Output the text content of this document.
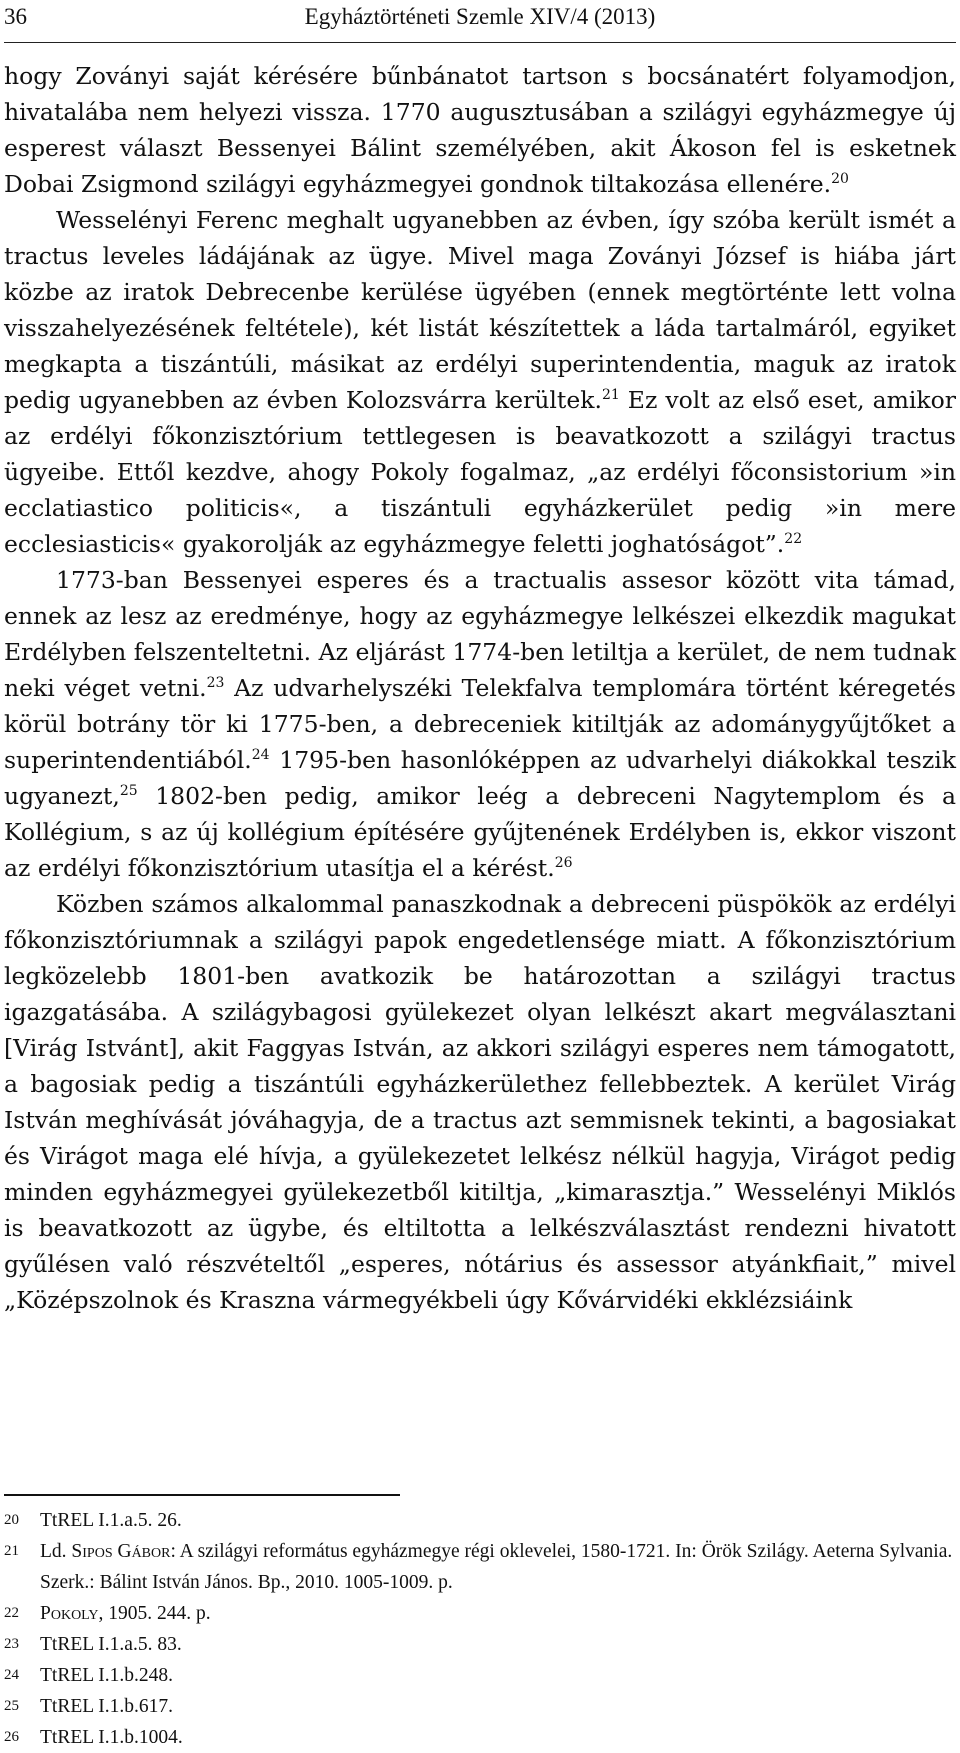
36	Egyháztörténeti Szemle XIV/4 (2013)

hogy Zoványi saját kérésére bűnbánatot tartson s bocsánatért folyamodjon, hivatalába nem helyezi vissza. 1770 augusztusában a szilágyi egyházmegye új esperest választ Bessenyei Bálint személyében, akit Ákoson fel is esketnek Dobai Zsigmond szilágyi egyházmegyei gondnok tiltakozása ellenére.$^{20}$

Wesselényi Ferenc meghalt ugyanebben az évben, így szóba került ismét a tractus leveles ládájának az ügye. Mivel maga Zoványi József is hiába járt közbe az iratok Debrecenbe kerülése ügyében (ennek megtörténte lett volna visszahelyezésének feltétele), két listát készítettek a láda tartalmáról, egyiket megkapta a tiszántúli, másikat az erdélyi superintendentia, maguk az iratok pedig ugyanebben az évben Kolozsvárra kerültek.$^{21}$ Ez volt az első eset, amikor az erdélyi főkonzisztórium tettlegesen is beavatkozott a szilágyi tractus ügyeibe. Ettől kezdve, ahogy Pokoly fogalmaz, „az erdélyi főconsistorium »in ecclatiastico politicis«, a tiszántuli egyházkerület pedig »in mere ecclesiasticis« gyakorolják az egyházmegye feletti joghatóságot”.$^{22}$

1773-ban Bessenyei esperes és a tractualis assesor között vita támad, ennek az lesz az eredménye, hogy az egyházmegye lelkészei elkezdik magukat Erdélyben felszenteltetni. Az eljárást 1774-ben letiltja a kerület, de nem tudnak neki véget vetni.$^{23}$ Az udvarhelyszéki Telekfalva templomára történt kéregetés körül botrány tör ki 1775-ben, a debreceniek kitiltják az adománygyűjtőket a superintendentiából.$^{24}$ 1795-ben hasonlóképpen az udvarhelyi diákokkal teszik ugyanezt,$^{25}$ 1802-ben pedig, amikor leég a debreceni Nagytemplom és a Kollégium, s az új kollégium építésére gyűjtenének Erdélyben is, ekkor viszont az erdélyi főkonzisztórium utasítja el a kérést.$^{26}$

Közben számos alkalommal panaszkodnak a debreceni püspökök az erdélyi főkonzisztóriumnak a szilágyi papok engedetlensége miatt. A főkonzisztórium legközelebb 1801-ben avatkozik be határozottan a szilágyi tractus igazgatásába. A szilágybagosi gyülekezet olyan lelkészt akart megválasztani [Virág Istvánt], akit Faggyas István, az akkori szilágyi esperes nem támogatott, a bagosiak pedig a tiszántúli egyházkerülethez fellebbeztek. A kerület Virág István meghívását jóváhagyja, de a tractus azt semmisnek tekinti, a bagosiakat és Virágot maga elé hívja, a gyülekezetet lelkész nélkül hagyja, Virágot pedig minden egyházmegyei gyülekezetből kitiltja, „kimarasztja.” Wesselényi Miklós is beavatkozott az ügybe, és eltiltotta a lelkészválasztást rendezni hivatott gyűlésen való részvételtől „esperes, nótárius és assessor atyánkfiait,” mivel „Középszolnok és Kraszna vármegyékbeli úgy Kővárvidéki ekklézsiáink

20 TtREL I.1.a.5. 26.
21 Ld. Sipos Gábor: A szilágyi református egyházmegye régi oklevelei, 1580-1721. In: Örök Szilágy. Aeterna Sylvania. Szerk.: Bálint István János. Bp., 2010. 1005-1009. p.
22 Pokoly, 1905. 244. p.
23 TtREL I.1.a.5. 83.
24 TtREL I.1.b.248.
25 TtREL I.1.b.617.
26 TtREL I.1.b.1004.
